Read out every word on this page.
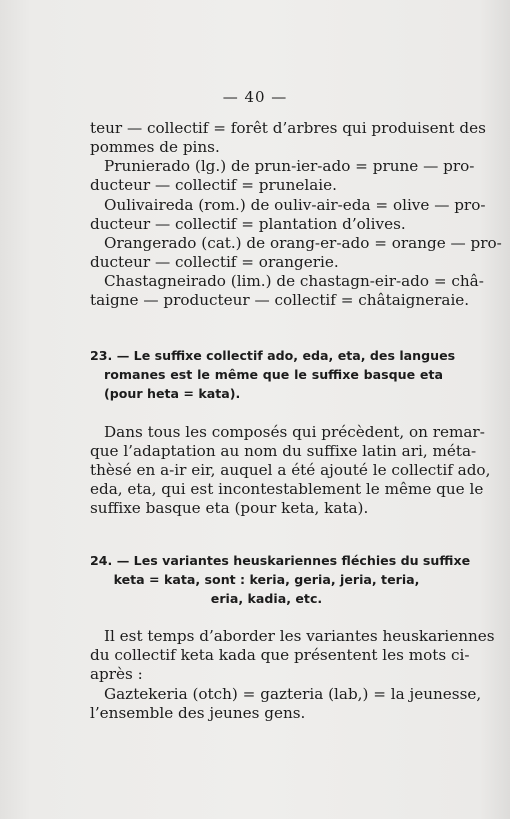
— 40 —
teur — collectif = forêt d’arbres qui produisent des
pommes de pins.
Prunierado (lg.) de prun-ier-ado = prune — pro-
ducteur — collectif = prunelaie.
Oulivaireda (rom.) de ouliv-air-eda = olive — pro-
ducteur — collectif = plantation d’olives.
Orangerado (cat.) de orang-er-ado = orange — pro-
ducteur — collectif = orangerie.
Chastagneirado (lim.) de chastagn-eir-ado = châ-
taigne — producteur — collectif = châtaigneraie.
23. — Le suffixe collectif ado, eda, eta, des langues
romanes est le même que le suffixe basque eta
(pour heta = kata).
Dans tous les composés qui précèdent, on remar-
que l’adaptation au nom du suffixe latin ari, méta-
thèsé en a-ir eir, auquel a été ajouté le collectif ado,
eda, eta, qui est incontestablement le même que le
suffixe basque eta (pour keta, kata).
24. — Les variantes heuskariennes fléchies du suffixe
keta = kata, sont : keria, geria, jeria, teria,
eria, kadia, etc.
Il est temps d’aborder les variantes heuskariennes
du collectif keta kada que présentent les mots ci-
après :
Gaztekeria (otch) = gazteria (lab,) = la jeunesse,
l’ensemble des jeunes gens.
